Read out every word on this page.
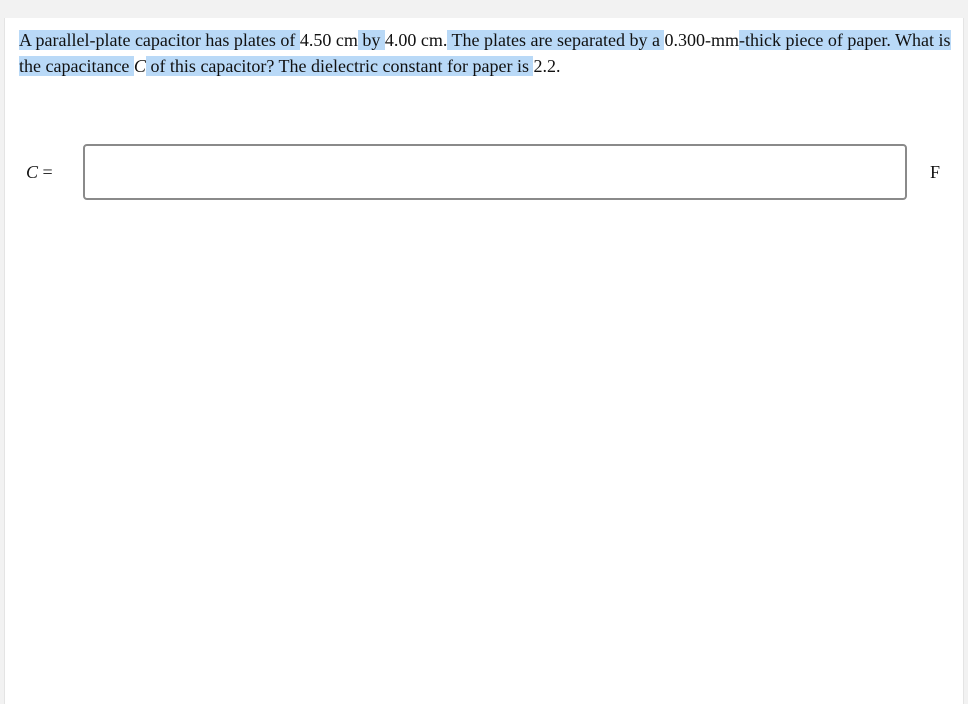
A parallel-plate capacitor has plates of 4.50 cm by 4.00 cm. The plates are separated by a 0.300-mm-thick piece of paper. What is the capacitance C of this capacitor? The dielectric constant for paper is 2.2.

C =	F
